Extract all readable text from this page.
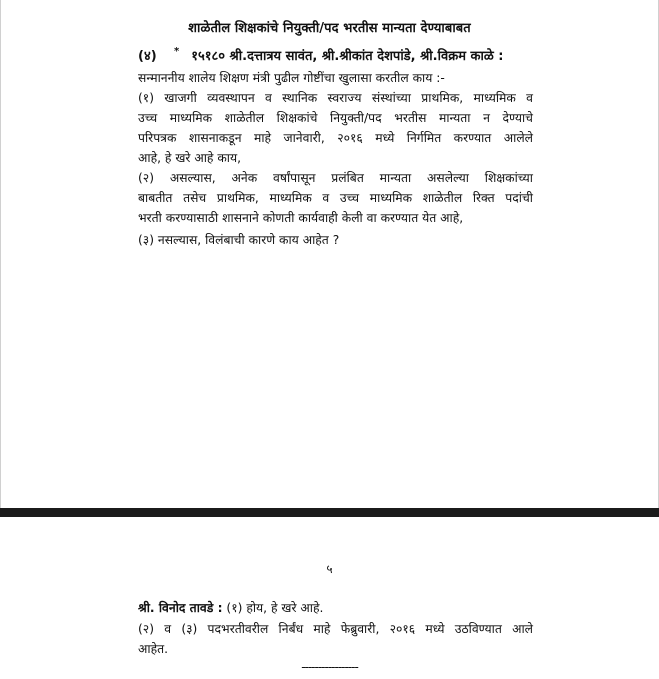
शाळेतील शिक्षकांचे नियुक्ती/पद भरतीस मान्यता देण्याबाबत
(४) * १५१८० श्री.दत्तात्रय सावंत, श्री.श्रीकांत देशपांडे, श्री.विक्रम काळे :
सन्माननीय शालेय शिक्षण मंत्री पुढील गोष्टींचा खुलासा करतील काय :-
(१) खाजगी व्यवस्थापन व स्थानिक स्वराज्य संस्थांच्या प्राथमिक, माध्यमिक व
उच्च माध्यमिक शाळेतील शिक्षकांचे नियुक्ती/पद भरतीस मान्यता न देण्याचे
परिपत्रक शासनाकडून माहे जानेवारी, २०१६ मध्ये निर्गमित करण्यात आलेले
आहे, हे खरे आहे काय,
(२) असल्यास, अनेक वर्षांपासून प्रलंबित मान्यता असलेल्या शिक्षकांच्या
बाबतीत तसेच प्राथमिक, माध्यमिक व उच्च माध्यमिक शाळेतील रिक्त पदांची
भरती करण्यासाठी शासनाने कोणती कार्यवाही केली वा करण्यात येत आहे,
(३) नसल्यास, विलंबाची कारणे काय आहेत ?
५
श्री. विनोद तावडे : (१) होय, हे खरे आहे.
(२) व (३) पदभरतीवरील निर्बंध माहे फेब्रुवारी, २०१६ मध्ये उठविण्यात आले
आहेत.
-----------------
